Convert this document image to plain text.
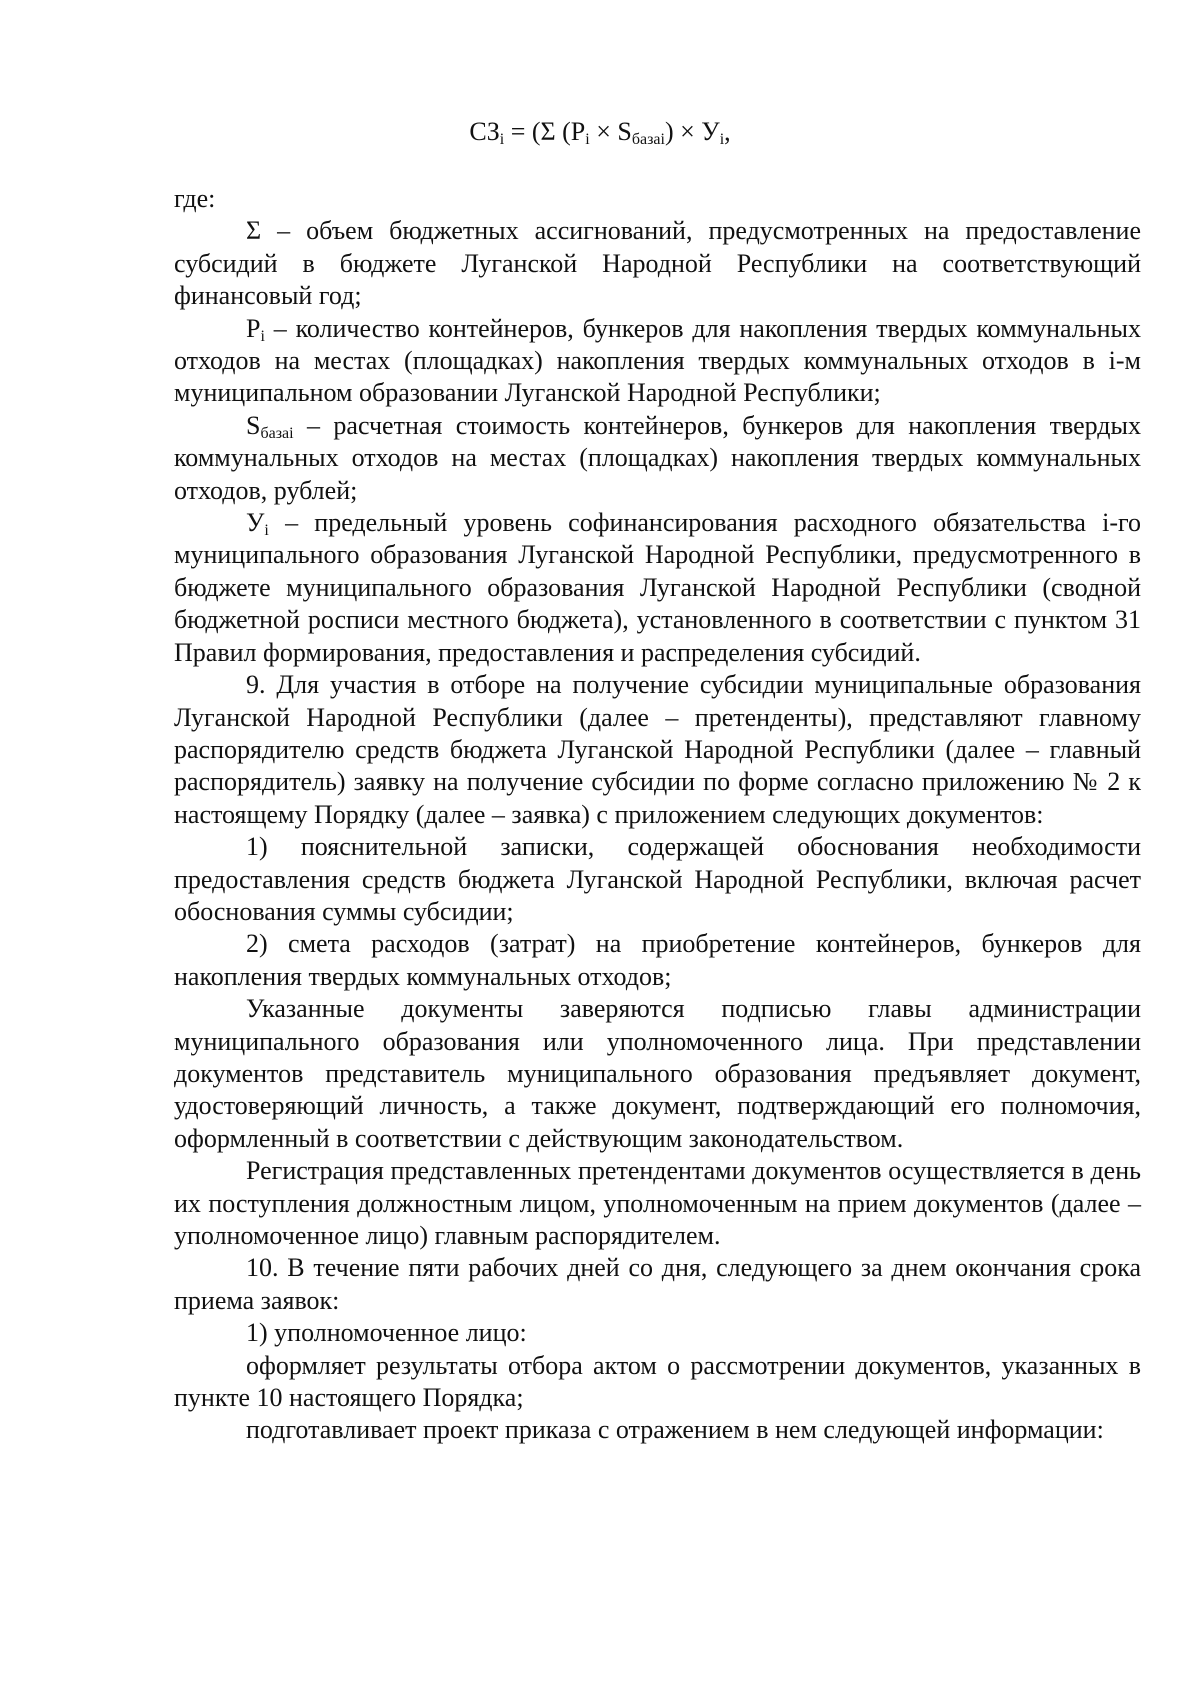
$СЗ_i = (\Sigma$ $(P_i \times S_{базаi}) \times У_i$,

где:

Σ – объем бюджетных ассигнований, предусмотренных на предоставление субсидий в бюджете Луганской Народной Республики на соответствующий финансовый год;

$P_i$ – количество контейнеров, бункеров для накопления твердых коммунальных отходов на местах (площадках) накопления твердых коммунальных отходов в i-м муниципальном образовании Луганской Народной Республики;

$S_{базаi}$ – расчетная стоимость контейнеров, бункеров для накопления твердых коммунальных отходов на местах (площадках) накопления твердых коммунальных отходов, рублей;

$У_i$ – предельный уровень софинансирования расходного обязательства i-го муниципального образования Луганской Народной Республики, предусмотренного в бюджете муниципального образования Луганской Народной Республики (сводной бюджетной росписи местного бюджета), установленного в соответствии с пунктом 31 Правил формирования, предоставления и распределения субсидий.

9. Для участия в отборе на получение субсидии муниципальные образования Луганской Народной Республики (далее – претенденты), представляют главному распорядителю средств бюджета Луганской Народной Республики (далее – главный распорядитель) заявку на получение субсидии по форме согласно приложению № 2 к настоящему Порядку (далее – заявка) с приложением следующих документов:

1) пояснительной записки, содержащей обоснования необходимости предоставления средств бюджета Луганской Народной Республики, включая расчет обоснования суммы субсидии;

2) смета расходов (затрат) на приобретение контейнеров, бункеров для накопления твердых коммунальных отходов;

Указанные документы заверяются подписью главы администрации муниципального образования или уполномоченного лица. При представлении документов представитель муниципального образования предъявляет документ, удостоверяющий личность, а также документ, подтверждающий его полномочия, оформленный в соответствии с действующим законодательством.

Регистрация представленных претендентами документов осуществляется в день их поступления должностным лицом, уполномоченным на прием документов (далее – уполномоченное лицо) главным распорядителем.

10. В течение пяти рабочих дней со дня, следующего за днем окончания срока приема заявок:

1) уполномоченное лицо:

оформляет результаты отбора актом о рассмотрении документов, указанных в пункте 10 настоящего Порядка;

подготавливает проект приказа с отражением в нем следующей информации:
